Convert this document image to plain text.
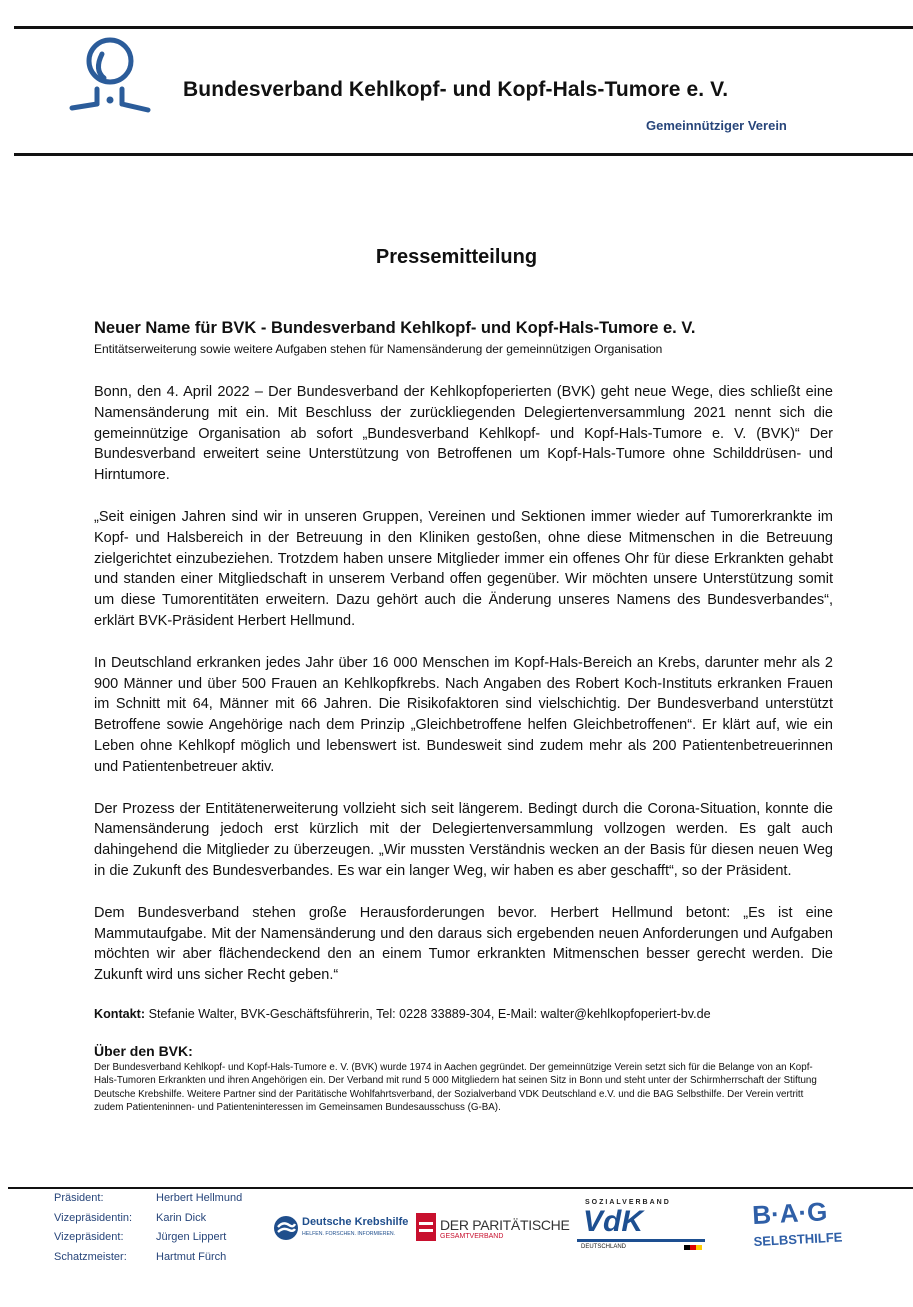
Bundesverband Kehlkopf- und Kopf-Hals-Tumore e. V.
Gemeinnütziger Verein
Pressemitteilung

Neuer Name für BVK - Bundesverband Kehlkopf- und Kopf-Hals-Tumore e. V.

Entitätserweiterung sowie weitere Aufgaben stehen für Namensänderung der gemeinnützigen Organisation

Bonn, den 4. April 2022 – Der Bundesverband der Kehlkopfoperierten (BVK) geht neue Wege, dies schließt eine Namensänderung mit ein. Mit Beschluss der zurückliegenden Delegiertenversammlung 2021 nennt sich die gemeinnützige Organisation ab sofort „Bundesverband Kehlkopf- und Kopf-Hals-Tumore e. V. (BVK)“ Der Bundesverband erweitert seine Unterstützung von Betroffenen um Kopf-Hals-Tumore ohne Schilddrüsen- und Hirntumore.

„Seit einigen Jahren sind wir in unseren Gruppen, Vereinen und Sektionen immer wieder auf Tumorerkrankte im Kopf- und Halsbereich in der Betreuung in den Kliniken gestoßen, ohne diese Mitmenschen in die Betreuung zielgerichtet einzubeziehen. Trotzdem haben unsere Mitglieder immer ein offenes Ohr für diese Erkrankten gehabt und standen einer Mitgliedschaft in unserem Verband offen gegenüber. Wir möchten unsere Unterstützung somit um diese Tumorentitäten erweitern. Dazu gehört auch die Änderung unseres Namens des Bundesverbandes“, erklärt BVK-Präsident Herbert Hellmund.

In Deutschland erkranken jedes Jahr über 16 000 Menschen im Kopf-Hals-Bereich an Krebs, darunter mehr als 2 900 Männer und über 500 Frauen an Kehlkopfkrebs. Nach Angaben des Robert Koch-Instituts erkranken Frauen im Schnitt mit 64, Männer mit 66 Jahren. Die Risikofaktoren sind vielschichtig. Der Bundesverband unterstützt Betroffene sowie Angehörige nach dem Prinzip „Gleichbetroffene helfen Gleichbetroffenen“. Er klärt auf, wie ein Leben ohne Kehlkopf möglich und lebenswert ist. Bundesweit sind zudem mehr als 200 Patientenbetreuerinnen und Patientenbetreuer aktiv.

Der Prozess der Entitätenerweiterung vollzieht sich seit längerem. Bedingt durch die Corona-Situation, konnte die Namensänderung jedoch erst kürzlich mit der Delegiertenversammlung vollzogen werden. Es galt auch dahingehend die Mitglieder zu überzeugen. „Wir mussten Verständnis wecken an der Basis für diesen neuen Weg in die Zukunft des Bundesverbandes. Es war ein langer Weg, wir haben es aber geschafft“, so der Präsident.

Dem Bundesverband stehen große Herausforderungen bevor. Herbert Hellmund betont: „Es ist eine Mammutaufgabe. Mit der Namensänderung und den daraus sich ergebenden neuen Anforderungen und Aufgaben möchten wir aber flächendeckend den an einem Tumor erkrankten Mitmenschen besser gerecht werden. Die Zukunft wird uns sicher Recht geben.“

Kontakt: Stefanie Walter, BVK-Geschäftsführerin, Tel: 0228 33889-304, E-Mail: walter@kehlkopfoperiert-bv.de
Über den BVK:
Der Bundesverband Kehlkopf- und Kopf-Hals-Tumore e. V. (BVK) wurde 1974 in Aachen gegründet. Der gemeinnützige Verein setzt sich für die Belange von an Kopf-Hals-Tumoren Erkrankten und ihren Angehörigen ein. Der Verband mit rund 5 000 Mitgliedern hat seinen Sitz in Bonn und steht unter der Schirmherrschaft der Stiftung Deutsche Krebshilfe. Weitere Partner sind der Paritätische Wohlfahrtsverband, der Sozialverband VDK Deutschland e.V. und die BAG Selbsthilfe. Der Verein vertritt zudem Patienteninnen- und Patienteninteressen im Gemeinsamen Bundesausschuss (G-BA).
Präsident:	Herbert Hellmund
Vizepräsidentin: Karin Dick
Vizepräsident:	Jürgen Lippert
Schatzmeister:	Hartmut Fürch
Deutsche Krebshilfe
HELFEN. FORSCHEN. INFORMIEREN.
DER PARITÄTISCHE
GESAMTVERBAND
SOZIALVERBAND
VdK
DEUTSCHLAND
B·A·G
SELBSTHILFE
